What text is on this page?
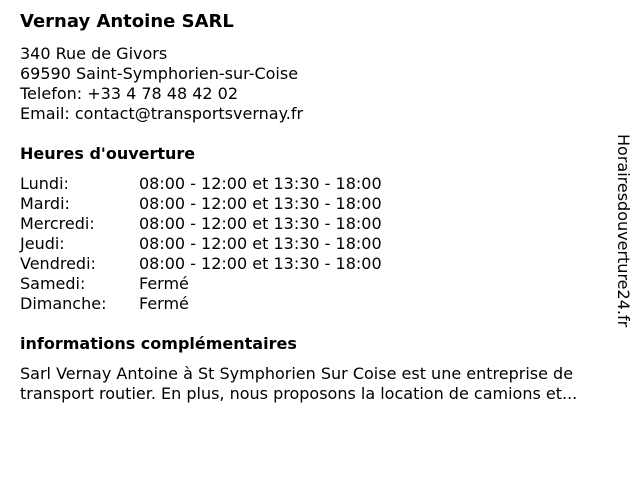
Vernay Antoine SARL
340 Rue de Givors
69590 Saint-Symphorien-sur-Coise
Telefon: +33 4 78 48 42 02
Email: contact@transportsvernay.fr
Heures d'ouverture
Lundi:	08:00 - 12:00 et 13:30 - 18:00
Mardi:	08:00 - 12:00 et 13:30 - 18:00
Mercredi:	08:00 - 12:00 et 13:30 - 18:00
Jeudi:	08:00 - 12:00 et 13:30 - 18:00
Vendredi:	08:00 - 12:00 et 13:30 - 18:00
Samedi:	Fermé
Dimanche: Fermé
informations complémentaires
Sarl Vernay Antoine à St Symphorien Sur Coise est une entreprise de
transport routier. En plus, nous proposons la location de camions et...
Horairesdouverture24.fr
